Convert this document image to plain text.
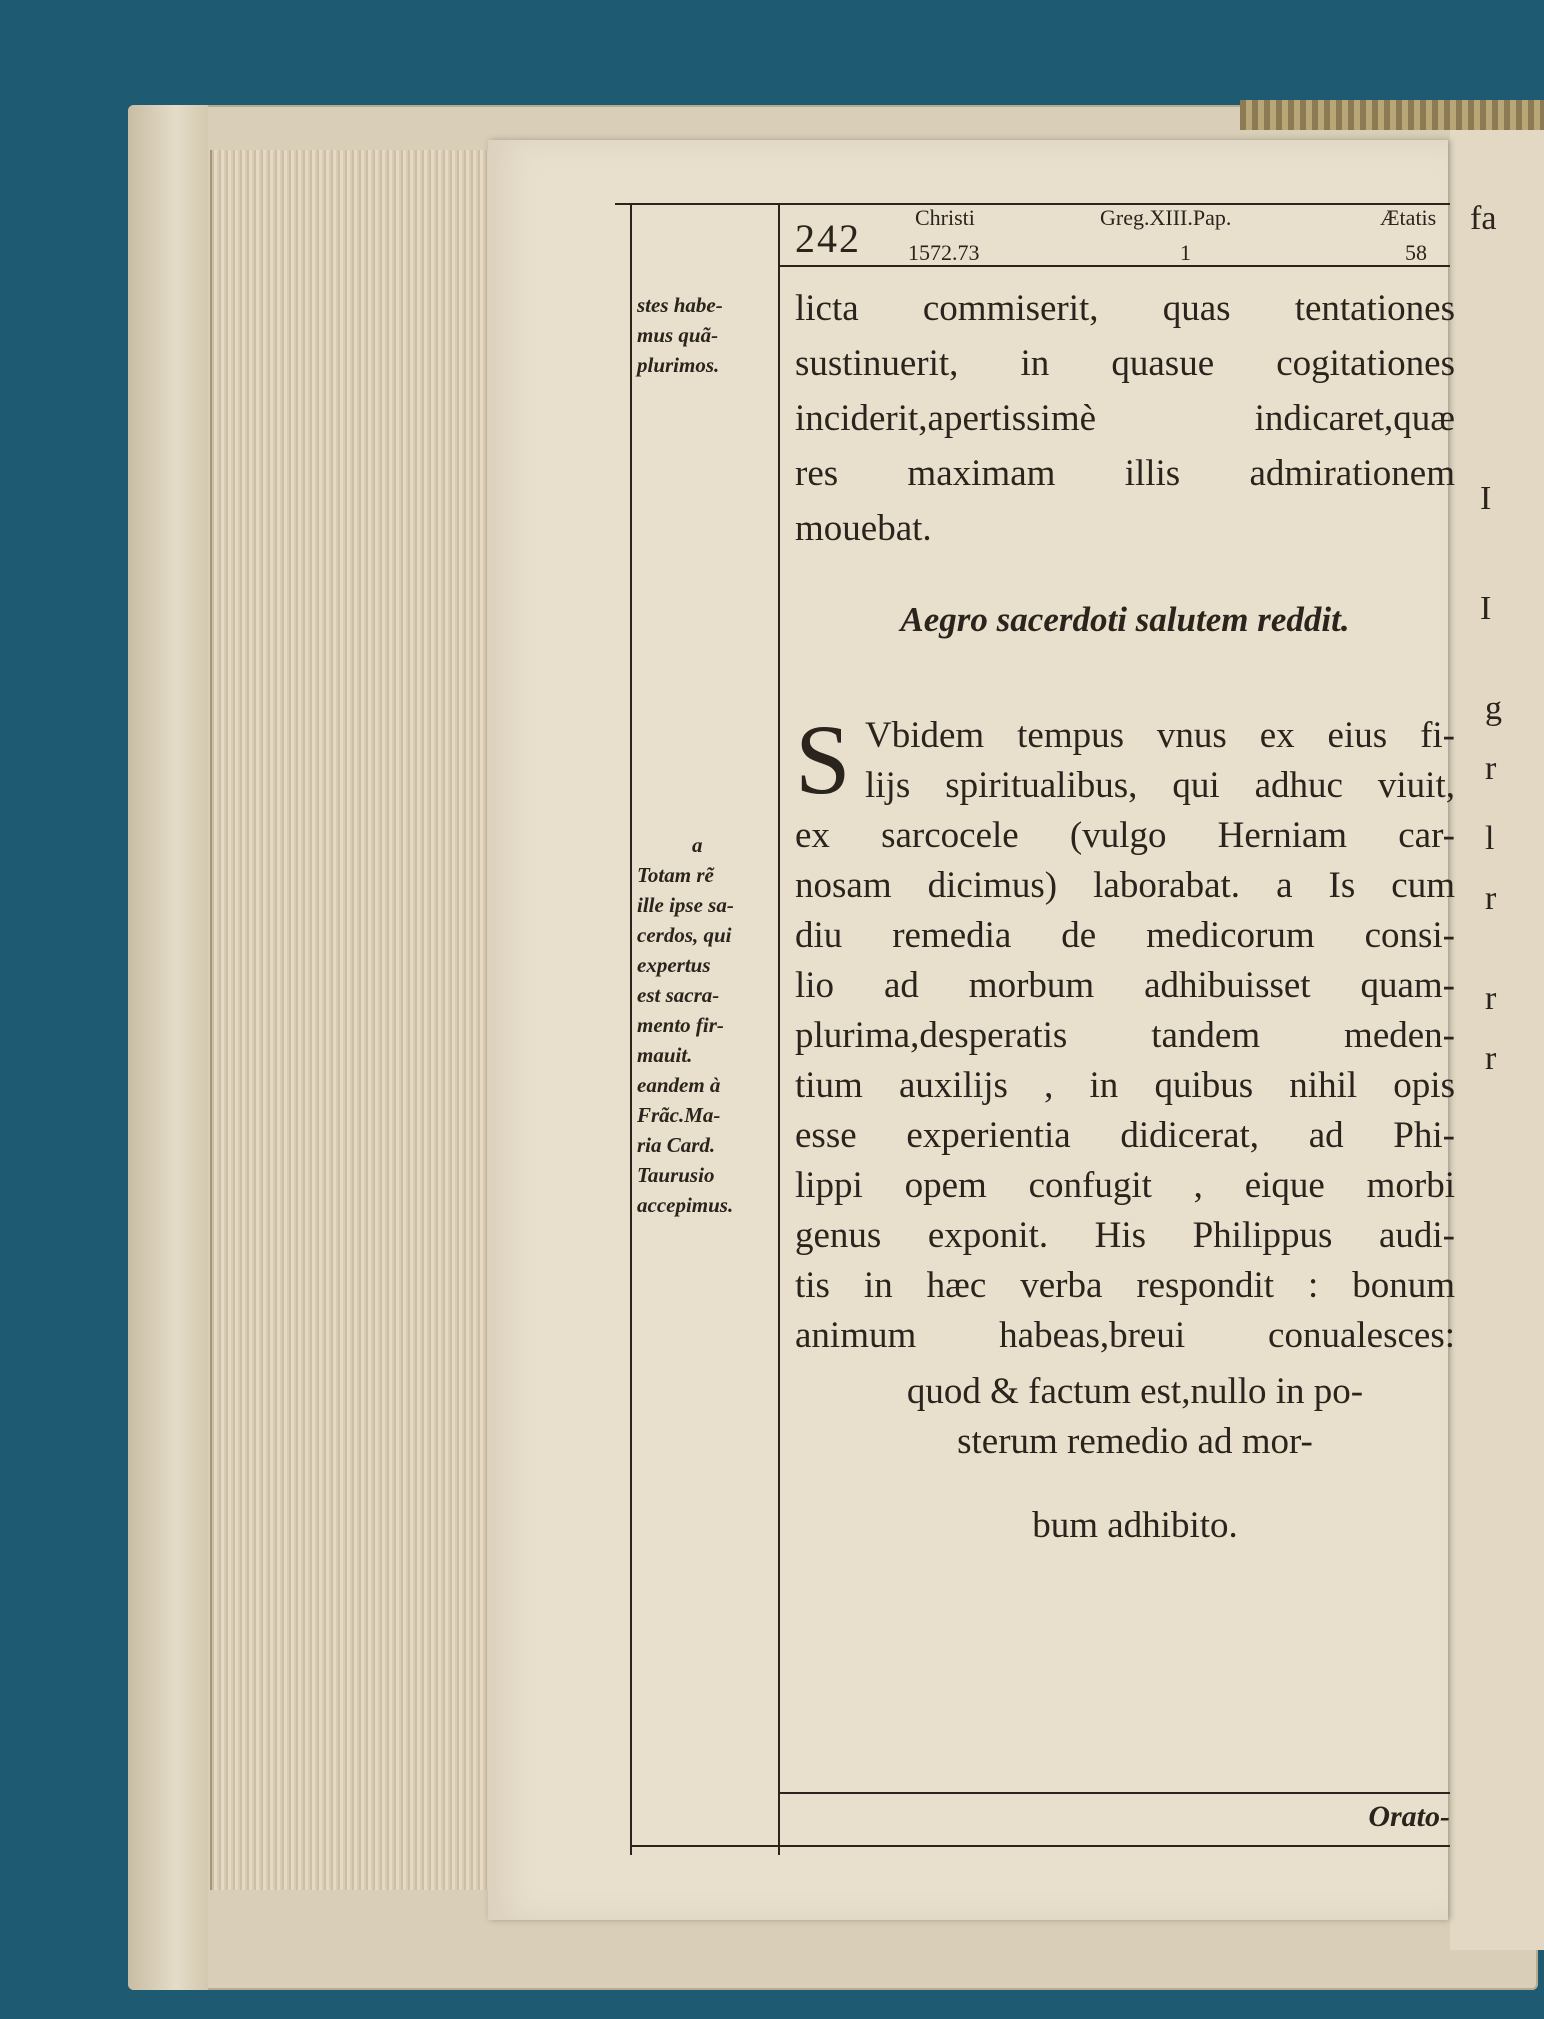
fa
I
I
g
r
l
r
r
r
242 Christi
1572.73
Greg.XIII.Pap.
1
Ætatis
58
stes habe-
mus quã-
plurimos.
a
Totam rẽ
ille ipse sa-
cerdos, qui
expertus
est sacra-
mento fir-
mauit.
eandem à
Frãc.Ma-
ria Card.
Taurusio
accepimus.
licta commiserit, quas tentationes
sustinuerit, in quasue cogitationes
inciderit,apertissimè indicaret,quæ
res maximam illis admirationem
mouebat.
Aegro sacerdoti salutem reddit.
S Vbidem tempus vnus ex eius fi-
lijs spiritualibus, qui adhuc viuit,
ex sarcocele (vulgo Herniam car-
nosam dicimus) laborabat. a Is cum
diu remedia de medicorum consi-
lio ad morbum adhibuisset quam-
plurima,desperatis tandem meden-
tium auxilijs , in quibus nihil opis
esse experientia didicerat, ad Phi-
lippi opem confugit , eique morbi
genus exponit. His Philippus audi-
tis in hæc verba respondit : bonum
animum habeas,breui conualesces:
quod & factum est,nullo in po-
sterum remedio ad mor-
bum adhibito.
Orato-
